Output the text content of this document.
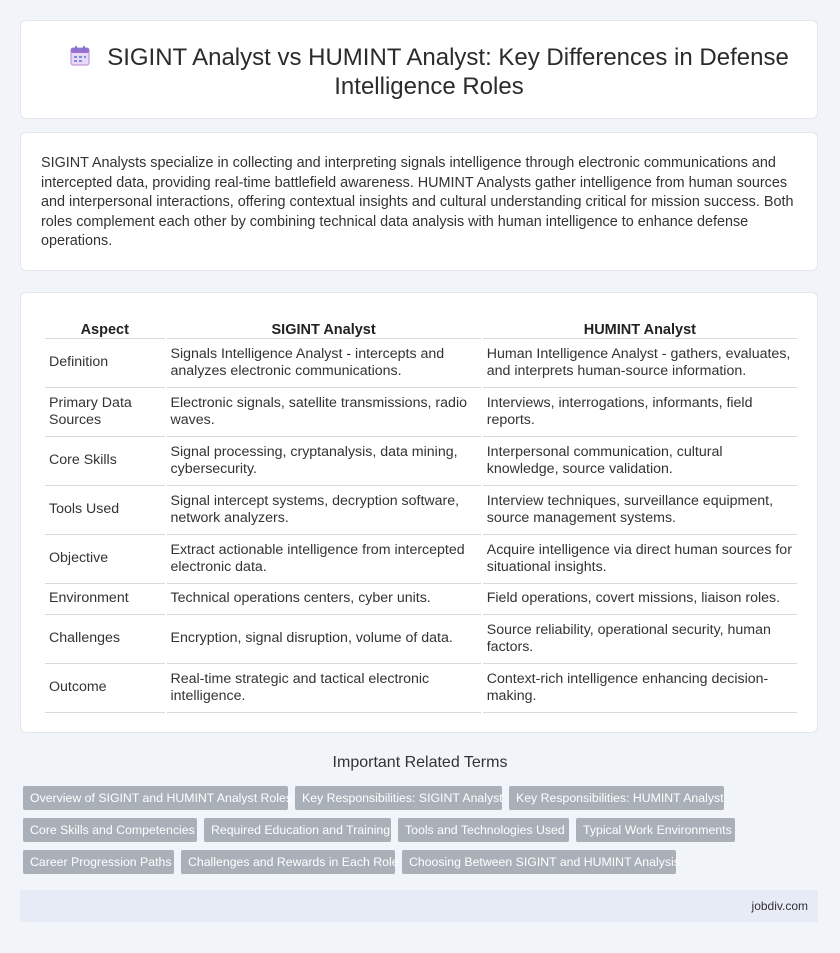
SIGINT Analyst vs HUMINT Analyst: Key Differences in Defense Intelligence Roles

SIGINT Analysts specialize in collecting and interpreting signals intelligence through electronic communications and intercepted data, providing real-time battlefield awareness. HUMINT Analysts gather intelligence from human sources and interpersonal interactions, offering contextual insights and cultural understanding critical for mission success. Both roles complement each other by combining technical data analysis with human intelligence to enhance defense operations.

Aspect	SIGINT Analyst	HUMINT Analyst
Definition	Signals Intelligence Analyst - intercepts and analyzes electronic communications.	Human Intelligence Analyst - gathers, evaluates, and interprets human-source information.
Primary Data Sources	Electronic signals, satellite transmissions, radio waves.	Interviews, interrogations, informants, field reports.
Core Skills	Signal processing, cryptanalysis, data mining, cybersecurity.	Interpersonal communication, cultural knowledge, source validation.
Tools Used	Signal intercept systems, decryption software, network analyzers.	Interview techniques, surveillance equipment, source management systems.
Objective	Extract actionable intelligence from intercepted electronic data.	Acquire intelligence via direct human sources for situational insights.
Environment	Technical operations centers, cyber units.	Field operations, covert missions, liaison roles.
Challenges	Encryption, signal disruption, volume of data.	Source reliability, operational security, human factors.
Outcome	Real-time strategic and tactical electronic intelligence.	Context-rich intelligence enhancing decision-making.
Important Related Terms
Overview of SIGINT and HUMINT Analyst Roles Key Responsibilities: SIGINT Analyst	Key Responsibilities: HUMINT Analyst
Core Skills and Competencies	Required Education and Training	Tools and Technologies Used	Typical Work Environments
Career Progression Paths	Challenges and Rewards in Each Role Choosing Between SIGINT and HUMINT Analysis
jobdiv.com
